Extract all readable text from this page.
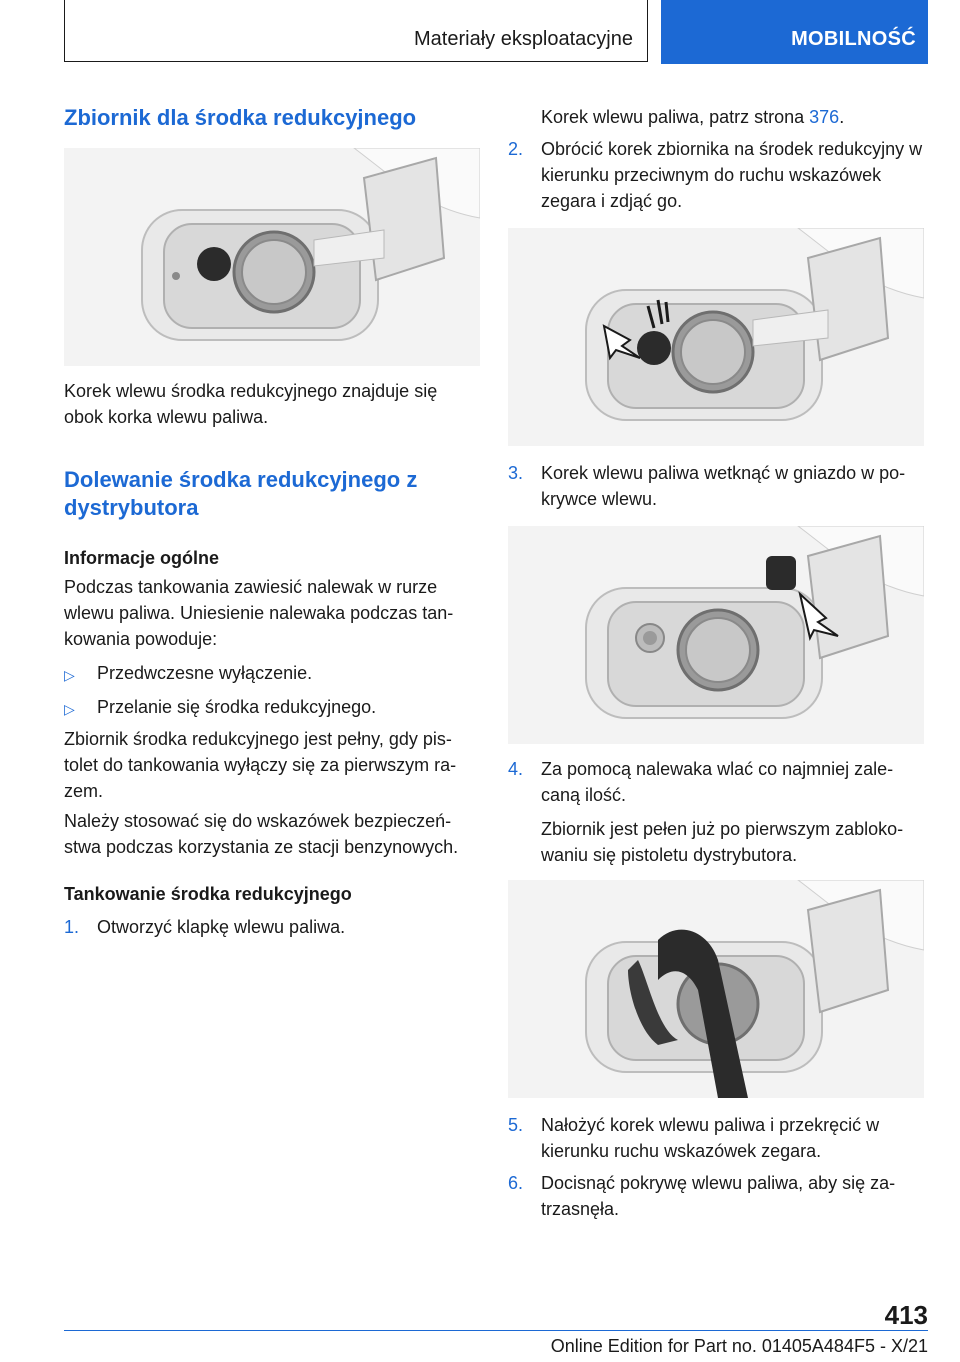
Materiały eksploatacyjne	MOBILNOŚĆ
Zbiornik dla środka redukcyjnego

Korek wlewu środka redukcyjnego znajduje się obok korka wlewu paliwa.

Dolewanie środka redukcyjnego z dystrybutora
Informacje ogólne

Podczas tankowania zawiesić nalewak w rurze wlewu paliwa. Uniesienie nalewaka podczas tan-kowania powoduje:

▷ Przedwczesne wyłączenie.
▷ Przelanie się środka redukcyjnego.

Zbiornik środka redukcyjnego jest pełny, gdy pis-tolet do tankowania wyłączy się za pierwszym ra-zem.

Należy stosować się do wskazówek bezpieczeń-stwa podczas korzystania ze stacji benzynowych.

Tankowanie środka redukcyjnego
1. Otworzyć klapkę wlewu paliwa.
Korek wlewu paliwa, patrz strona 376.
2. Obrócić korek zbiornika na środek redukcyjny w kierunku przeciwnym do ruchu wskazówek zegara i zdjąć go.
3. Korek wlewu paliwa wetknąć w gniazdo w po-krywce wlewu.
4. Za pomocą nalewaka wlać co najmniej zale-caną ilość.
Zbiornik jest pełen już po pierwszym zabloko-waniu się pistoletu dystrybutora.
5. Nałożyć korek wlewu paliwa i przekręcić w kierunku ruchu wskazówek zegara.
6. Docisnąć pokrywę wlewu paliwa, aby się za-trzasnęła.
413
Online Edition for Part no. 01405A484F5 - X/21
